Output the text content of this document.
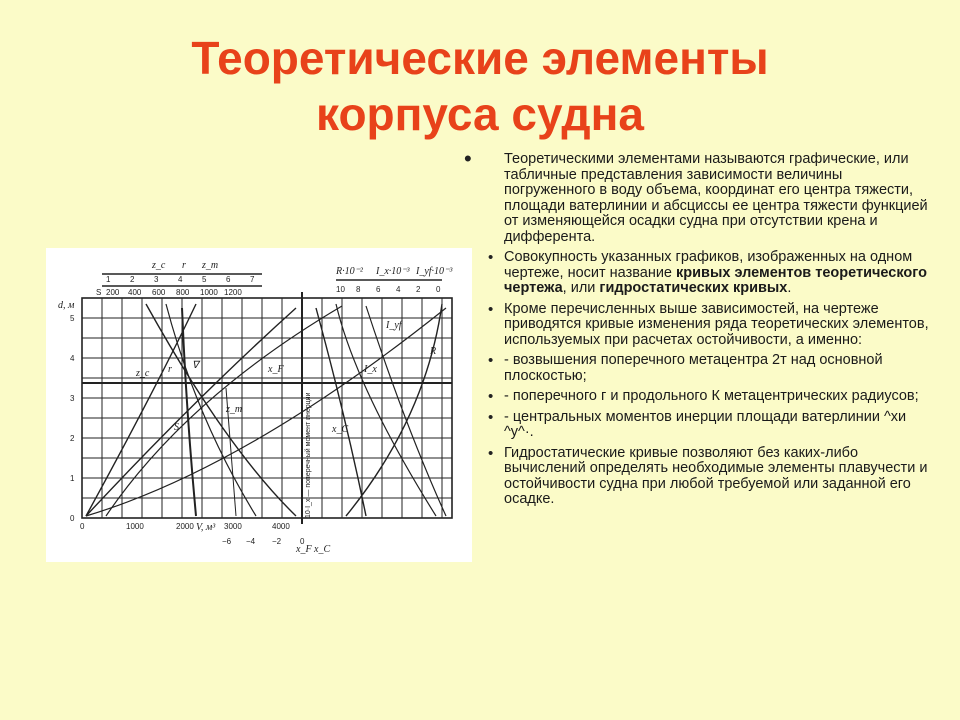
Теоретические элементы
корпуса судна
z_c r z_m
R·10⁻² I_x·10⁻³ I_yf·10⁻³
d, м
V, м³
x_F x_C
z_c r ∇	x_F
S
z_m
x_C
I_x
I_yf
R
0
1
2
3
4
5
0	1000	2000	3000	4000
−6 −4 −2 0
1 2 3 4 5 6 7
S 200 400 600 800 1000 1200	10 8 6 4 2 0
10·I_x — поперечный момент инерции
•	Теоретическими элементами называются графические, или табличные представления зависимости величины погруженного в воду объема, координат его центра тяжести, площади ватерлинии и абсциссы ее центра тяжести функцией от изменяющейся осадки судна при отсутствии крена и дифферента.
• Совокупность указанных графиков, изображенных на одном чертеже, носит название кривых элементов теоретического чертежа, или гидростатических кривых.
• Кроме перечисленных выше зависимостей, на чертеже приводятся кривые изменения ряда теоретических элементов, используемых при расчетах остойчивости, а именно:
• - возвышения поперечного метацентра 2т над основной плоскостью;
• - поперечного г и продольного К метацентрических радиусов;
• - центральных моментов инерции площади ватерлинии ^хи ^у^·.
• Гидростатические кривые позволяют без каких-либо вычислений определять необходимые элементы плавучести и остойчивости судна при любой требуемой или заданной его осадке.
